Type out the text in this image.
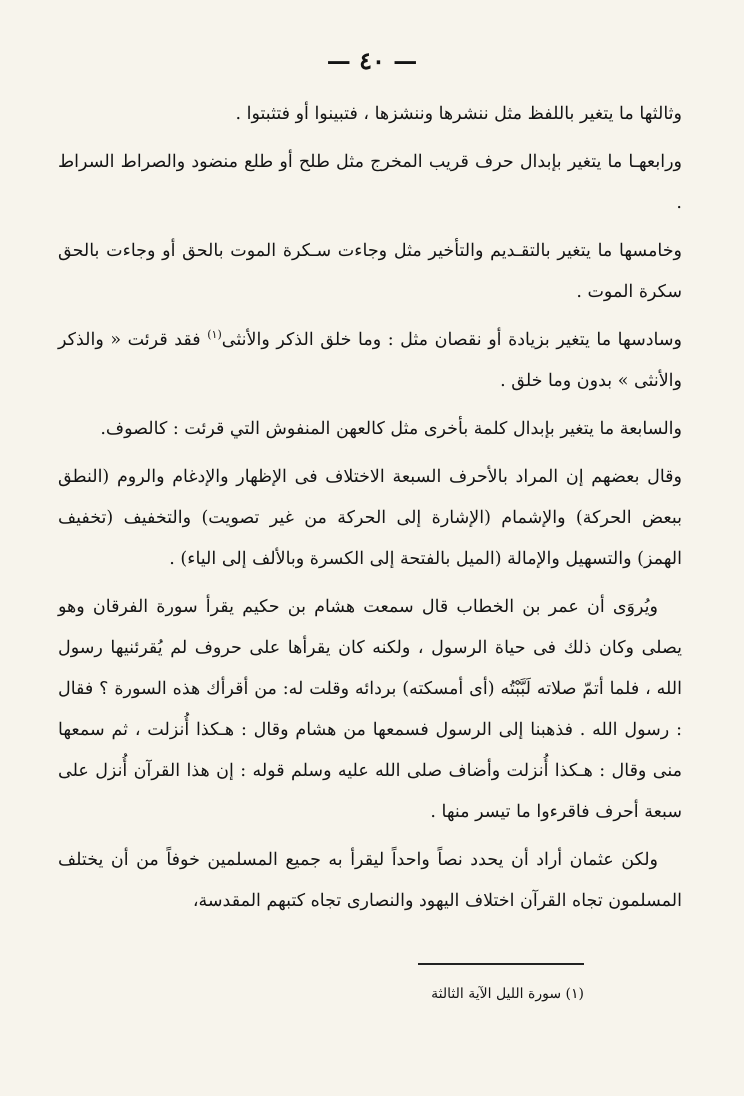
— ٤٠ —

وثالثها ما يتغير باللفظ مثل ننشرها وننشزها ، فتبينوا أو فتثبتوا .

ورابعهـا ما يتغير بإبدال حرف قريب المخرج مثل طلح أو طلع منضود والصراط السراط .

وخامسها ما يتغير بالتقـديم والتأخير مثل وجاءت سـكرة الموت بالحق أو وجاءت بالحق سكرة الموت .

وسادسها ما يتغير بزيادة أو نقصان مثل : وما خلق الذكر والأنثى$^{(١)}$ فقد قرئت « والذكر والأنثى » بدون وما خلق .

والسابعة ما يتغير بإبدال كلمة بأخرى مثل كالعهن المنفوش التي قرئت : كالصوف.

وقال بعضهم إن المراد بالأحرف السبعة الاختلاف فى الإظهار والإدغام والروم (النطق ببعض الحركة) والإشمام (الإشارة إلى الحركة من غير تصويت) والتخفيف (تخفيف الهمز) والتسهيل والإمالة (الميل بالفتحة إلى الكسرة وبالألف إلى الياء) .

ويُروَى أن عمر بن الخطاب قال سمعت هشام بن حكيم يقرأ سورة الفرقان وهو يصلى وكان ذلك فى حياة الرسول ، ولكنه كان يقرأها على حروف لم يُقرئنيها رسول الله ، فلما أتمّ صلاته لَبَّبْتُه (أى أمسكته) بردائه وقلت له: من أقرأك هذه السورة ؟ فقال : رسول الله . فذهبنا إلى الرسول فسمعها من هشام وقال : هـكذا أُنزلت ، ثم سمعها منى وقال : هـكذا أُنزلت وأضاف صلى الله عليه وسلم قوله : إن هذا القرآن أُنزل على سبعة أحرف فاقرءوا ما تيسر منها .

ولكن عثمان أراد أن يحدد نصاً واحداً ليقرأ به جميع المسلمين خوفاً من أن يختلف المسلمون تجاه القرآن اختلاف اليهود والنصارى تجاه كتبهم المقدسة،

(١) سورة الليل الآية الثالثة
